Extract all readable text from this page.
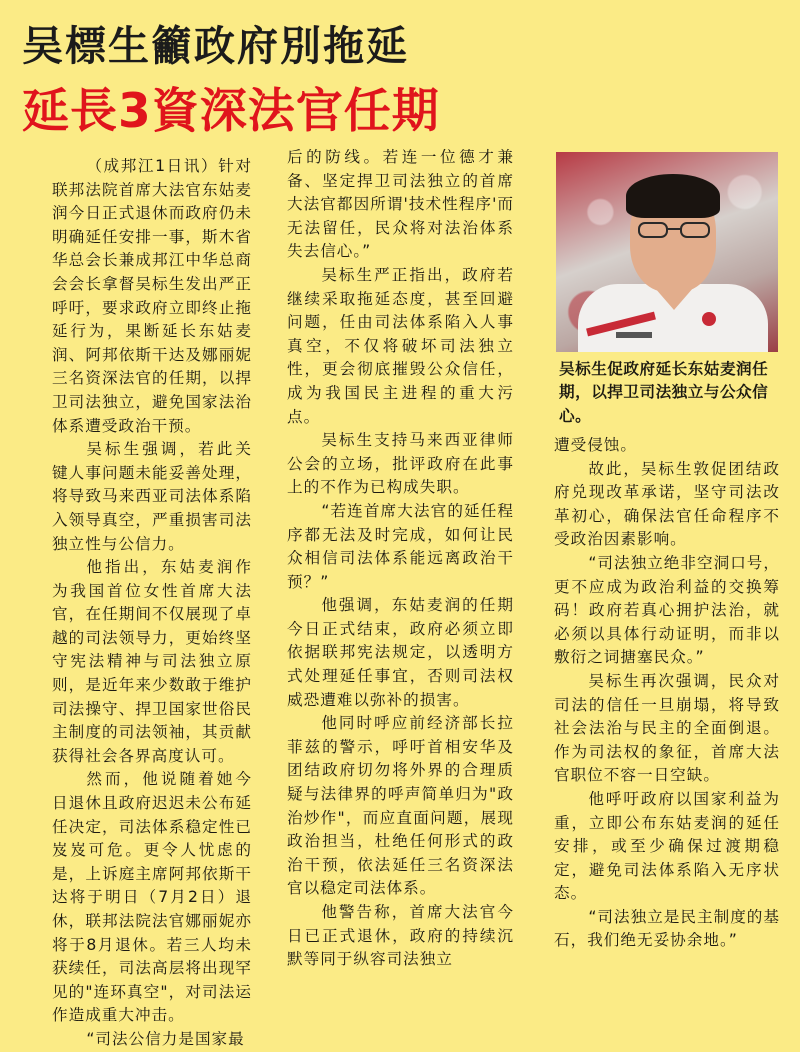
吴標生籲政府別拖延
延長3資深法官任期

（成邦江1日讯）针对联邦法院首席大法官东姑麦润今日正式退休而政府仍未明确延任安排一事，斯木省华总会长兼成邦江中华总商会会长拿督吴标生发出严正呼吁，要求政府立即终止拖延行为，果断延长东姑麦润、阿邦依斯干达及娜丽妮三名资深法官的任期，以捍卫司法独立，避免国家法治体系遭受政治干预。

吴标生强调，若此关键人事问题未能妥善处理，将导致马来西亚司法体系陷入领导真空，严重损害司法独立性与公信力。

他指出，东姑麦润作为我国首位女性首席大法官，在任期间不仅展现了卓越的司法领导力，更始终坚守宪法精神与司法独立原则，是近年来少数敢于维护司法操守、捍卫国家世俗民主制度的司法领袖，其贡献获得社会各界高度认可。

然而，他说随着她今日退休且政府迟迟未公布延任决定，司法体系稳定性已岌岌可危。更令人忧虑的是，上诉庭主席阿邦依斯干达将于明日（7月2日）退休，联邦法院法官娜丽妮亦将于8月退休。若三人均未获续任，司法高层将出现罕见的"连环真空"，对司法运作造成重大冲击。

“司法公信力是国家最

后的防线。若连一位德才兼备、坚定捍卫司法独立的首席大法官都因所谓'技术性程序'而无法留任，民众将对法治体系失去信心。”

吴标生严正指出，政府若继续采取拖延态度，甚至回避问题，任由司法体系陷入人事真空，不仅将破坏司法独立性，更会彻底摧毁公众信任，成为我国民主进程的重大污点。

吴标生支持马来西亚律师公会的立场，批评政府在此事上的不作为已构成失职。

“若连首席大法官的延任程序都无法及时完成，如何让民众相信司法体系能远离政治干预？”

他强调，东姑麦润的任期今日正式结束，政府必须立即依据联邦宪法规定，以透明方式处理延任事宜，否则司法权威恐遭难以弥补的损害。

他同时呼应前经济部长拉菲兹的警示，呼吁首相安华及团结政府切勿将外界的合理质疑与法律界的呼声简单归为"政治炒作"，而应直面问题，展现政治担当，杜绝任何形式的政治干预，依法延任三名资深法官以稳定司法体系。

他警告称，首席大法官今日已正式退休，政府的持续沉默等同于纵容司法独立

吴标生促政府延长东姑麦润任期，以捍卫司法独立与公众信心。

遭受侵蚀。

故此，吴标生敦促团结政府兑现改革承诺，坚守司法改革初心，确保法官任命程序不受政治因素影响。

“司法独立绝非空洞口号，更不应成为政治利益的交换筹码！政府若真心拥护法治，就必须以具体行动证明，而非以敷衍之词搪塞民众。”

吴标生再次强调，民众对司法的信任一旦崩塌，将导致社会法治与民主的全面倒退。作为司法权的象征，首席大法官职位不容一日空缺。

他呼吁政府以国家利益为重，立即公布东姑麦润的延任安排，或至少确保过渡期稳定，避免司法体系陷入无序状态。

“司法独立是民主制度的基石，我们绝无妥协余地。”
